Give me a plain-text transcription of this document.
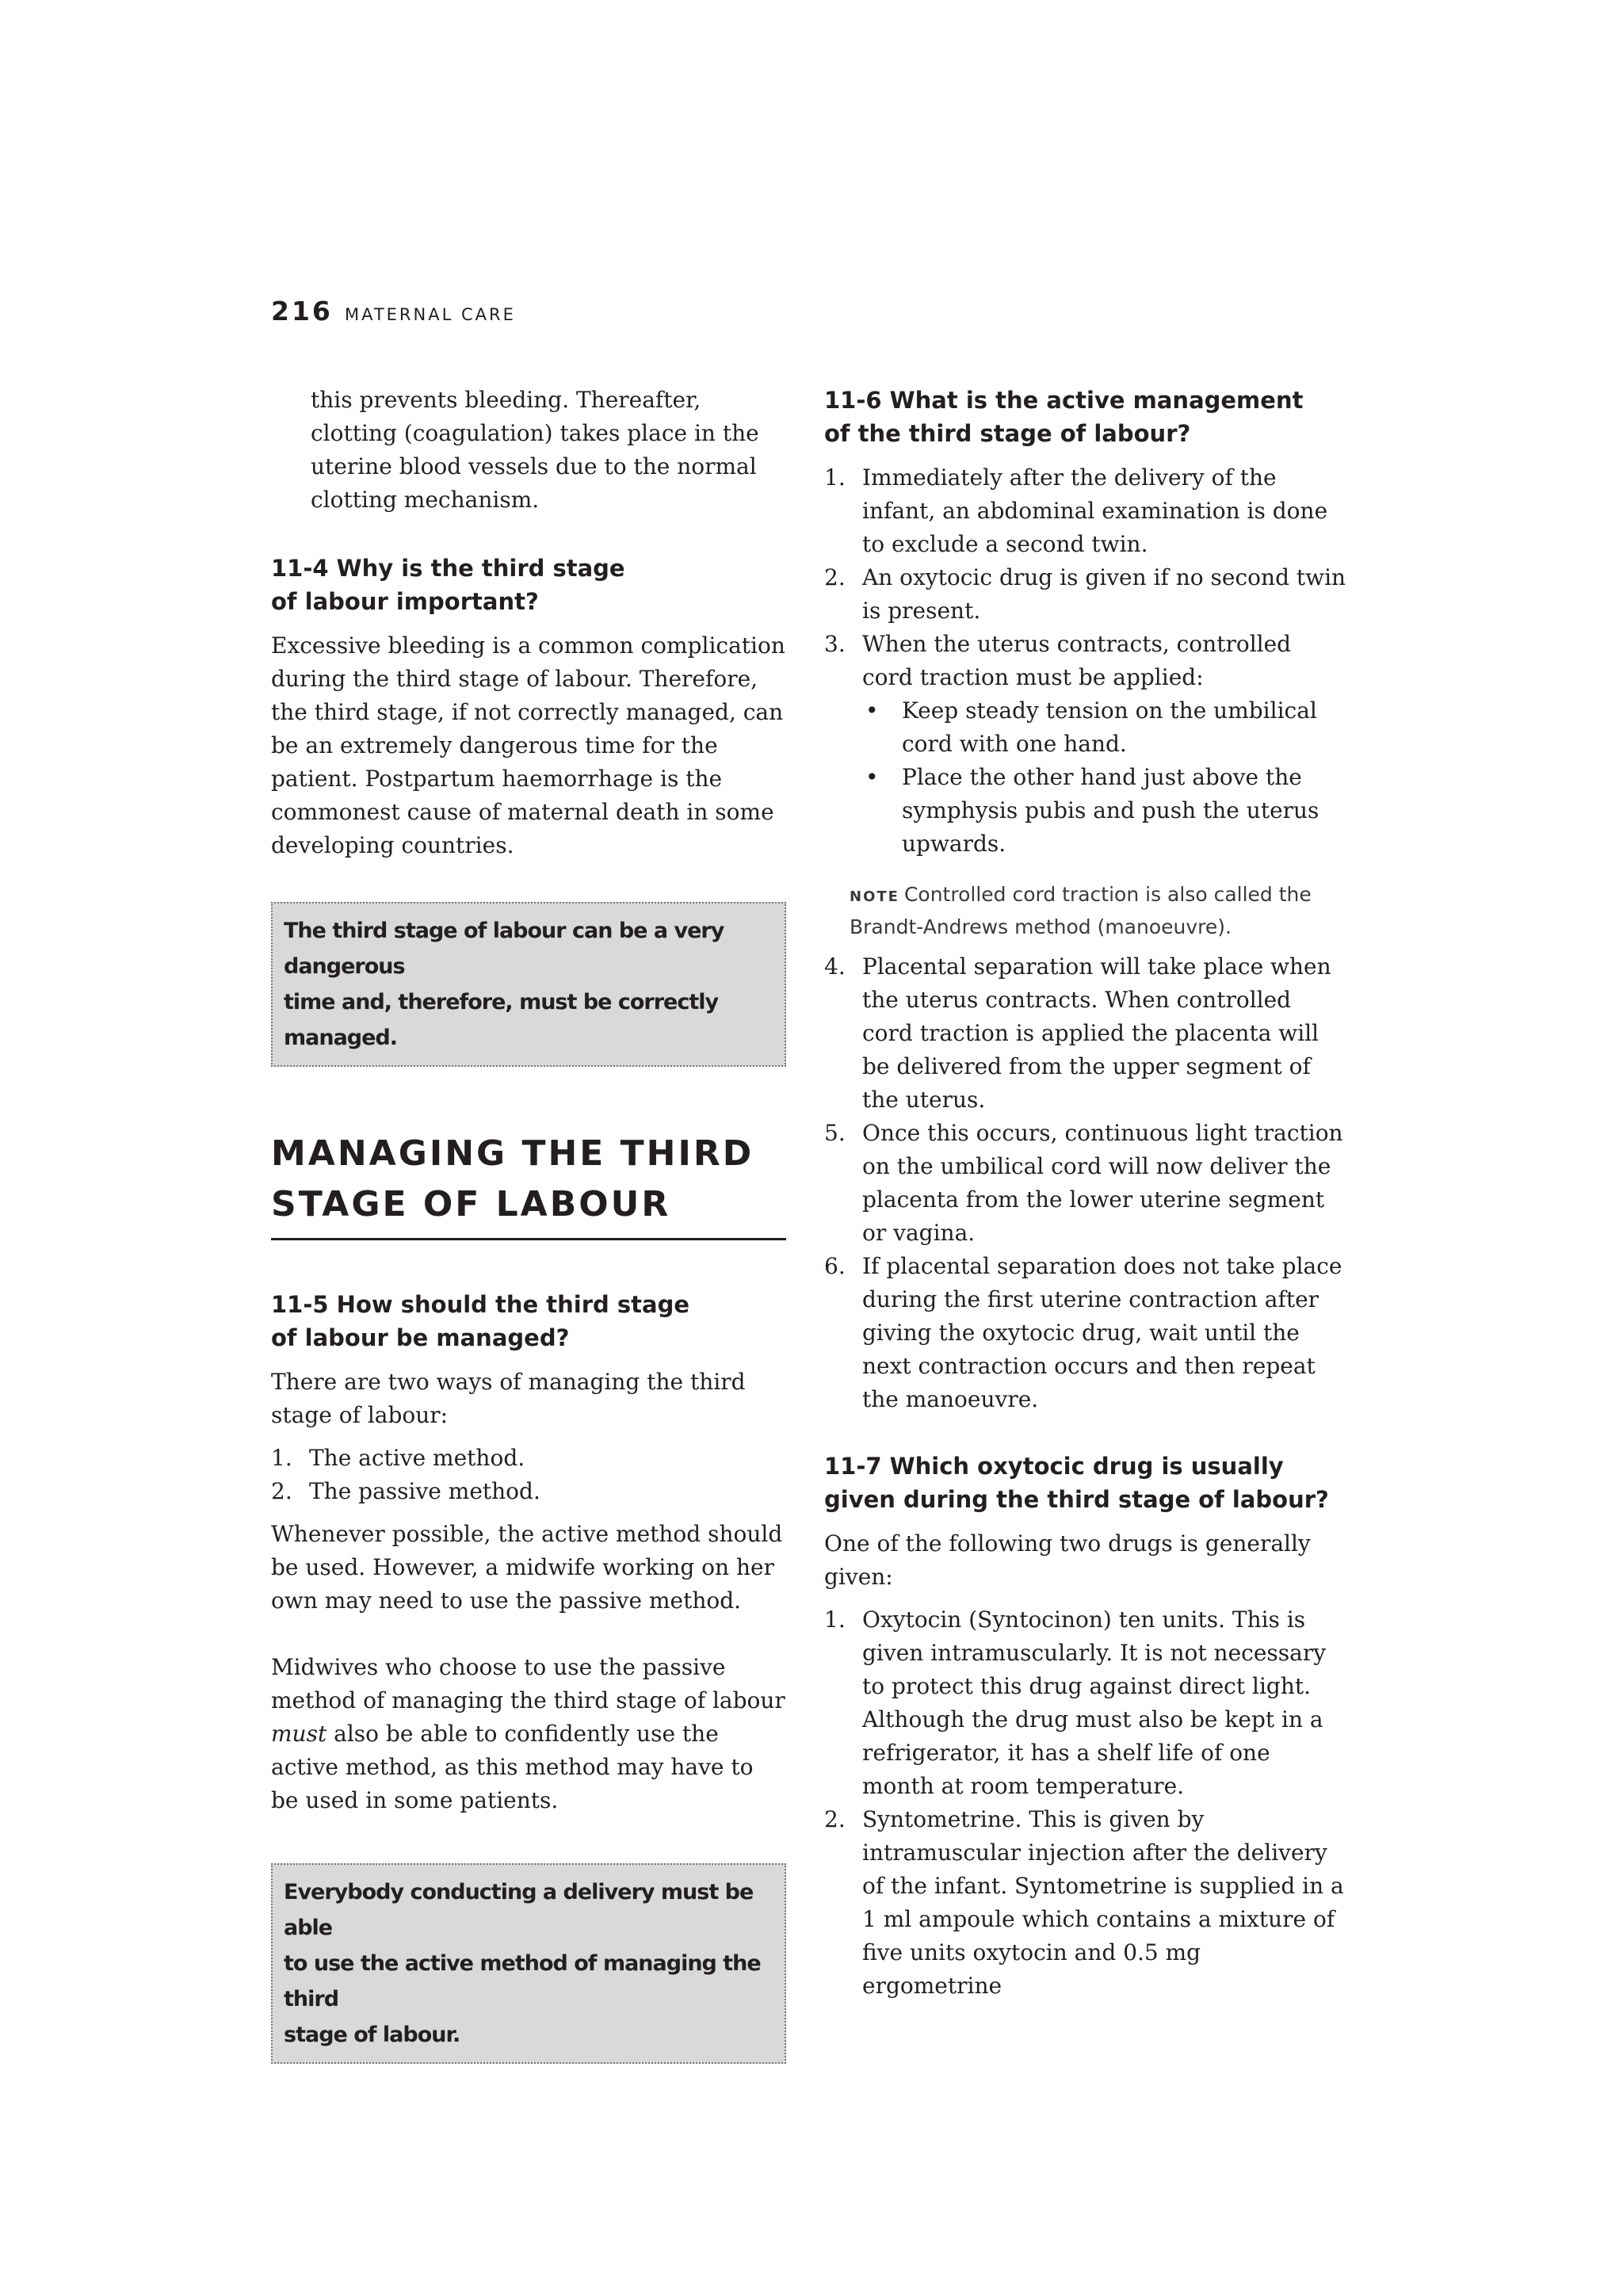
216 MATERNAL CARE

this prevents bleeding. Thereafter, clotting (coagulation) takes place in the uterine blood vessels due to the normal clotting mechanism.

11-4 Why is the third stage
of labour important?

Excessive bleeding is a common complication during the third stage of labour. Therefore, the third stage, if not correctly managed, can be an extremely dangerous time for the patient. Postpartum haemorrhage is the commonest cause of maternal death in some developing countries.

The third stage of labour can be a very dangerous
time and, therefore, must be correctly managed.
MANAGING THE THIRD
STAGE OF LABOUR

11-5 How should the third stage
of labour be managed?

There are two ways of managing the third stage of labour:

1. The active method.
2. The passive method.

Whenever possible, the active method should be used. However, a midwife working on her own may need to use the passive method.

Midwives who choose to use the passive method of managing the third stage of labour must also be able to confidently use the active method, as this method may have to be used in some patients.

Everybody conducting a delivery must be able
to use the active method of managing the third
stage of labour.

11-6 What is the active management
of the third stage of labour?

1. Immediately after the delivery of the infant, an abdominal examination is done to exclude a second twin.
2. An oxytocic drug is given if no second twin is present.
3. When the uterus contracts, controlled cord traction must be applied:
•	Keep steady tension on the umbilical cord with one hand.
•	Place the other hand just above the symphysis pubis and push the uterus upwards.
NOTE Controlled cord traction is also called the Brandt-Andrews method (manoeuvre).
4. Placental separation will take place when the uterus contracts. When controlled cord traction is applied the placenta will be delivered from the upper segment of the uterus.
5. Once this occurs, continuous light traction on the umbilical cord will now deliver the placenta from the lower uterine segment or vagina.
6. If placental separation does not take place during the first uterine contraction after giving the oxytocic drug, wait until the next contraction occurs and then repeat the manoeuvre.

11-7 Which oxytocic drug is usually
given during the third stage of labour?

One of the following two drugs is generally given:

1. Oxytocin (Syntocinon) ten units. This is given intramuscularly. It is not necessary to protect this drug against direct light. Although the drug must also be kept in a refrigerator, it has a shelf life of one month at room temperature.
2. Syntometrine. This is given by intramuscular injection after the delivery of the infant. Syntometrine is supplied in a 1 ml ampoule which contains a mixture of five units oxytocin and 0.5 mg ergometrine
